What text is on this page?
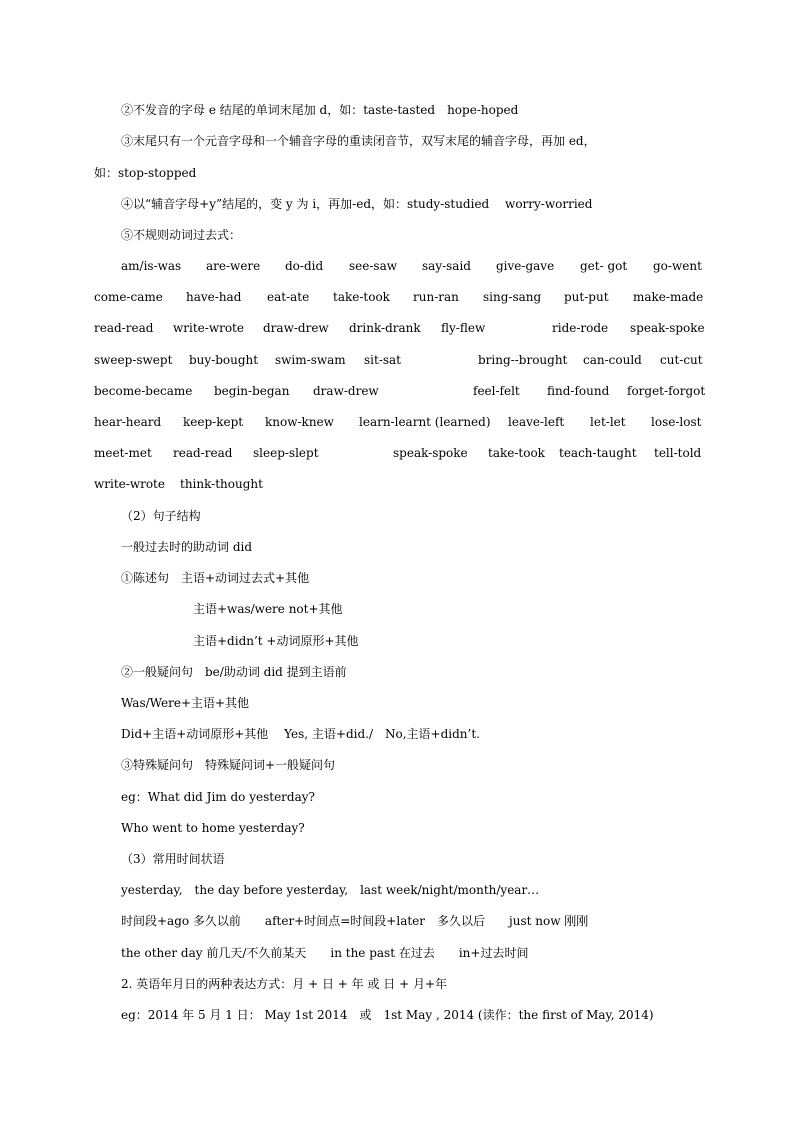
②不发音的字母 e 结尾的单词末尾加 d，如：taste-tasted　hope-hoped
③末尾只有一个元音字母和一个辅音字母的重读闭音节，双写末尾的辅音字母，再加 ed，
如：stop-stopped
④以“辅音字母+y”结尾的，变 y 为 i，再加-ed，如：study-studied　 worry-worried
⑤不规则动词过去式：
am/is-was are-were do-did see-saw say-said give-gave get- got go-went
come-came have-had eat-ate take-took run-ran sing-sang put-put make-made
read-read write-wrote draw-drew drink-drank fly-flew	ride-rode speak-spoke
sweep-swept buy-bought swim-swam sit-sat	bring--brought can-could cut-cut
become-became begin-began draw-drew	feel-felt find-found forget-forgot
hear-heard keep-kept know-knew learn-learnt (learned) leave-left let-let lose-lost
meet-met read-read sleep-slept	speak-spoke take-took teach-taught tell-told
write-wrote think-thought
（2）句子结构
一般过去时的助动词 did
①陈述句　主语+动词过去式+其他
主语+was/were not+其他
主语+didn’t +动词原形+其他
②一般疑问句　be/助动词 did 提到主语前
Was/Were+主语+其他
Did+主语+动词原形+其他　 Yes, 主语+did./　No,主语+didn’t.
③特殊疑问句　特殊疑问词+一般疑问句
eg：What did Jim do yesterday?
Who went to home yesterday?
（3）常用时间状语
yesterday,　the day before yesterday,　last week/night/month/year…
时间段+ago 多久以前　　after+时间点=时间段+later　多久以后　　just now 刚刚
the other day 前几天/不久前某天　　in the past 在过去　　in+过去时间
2. 英语年月日的两种表达方式：月 + 日 + 年 或 日 + 月+年
eg：2014 年 5 月 1 日： May 1st 2014　或　1st May , 2014 (读作：the first of May, 2014)
